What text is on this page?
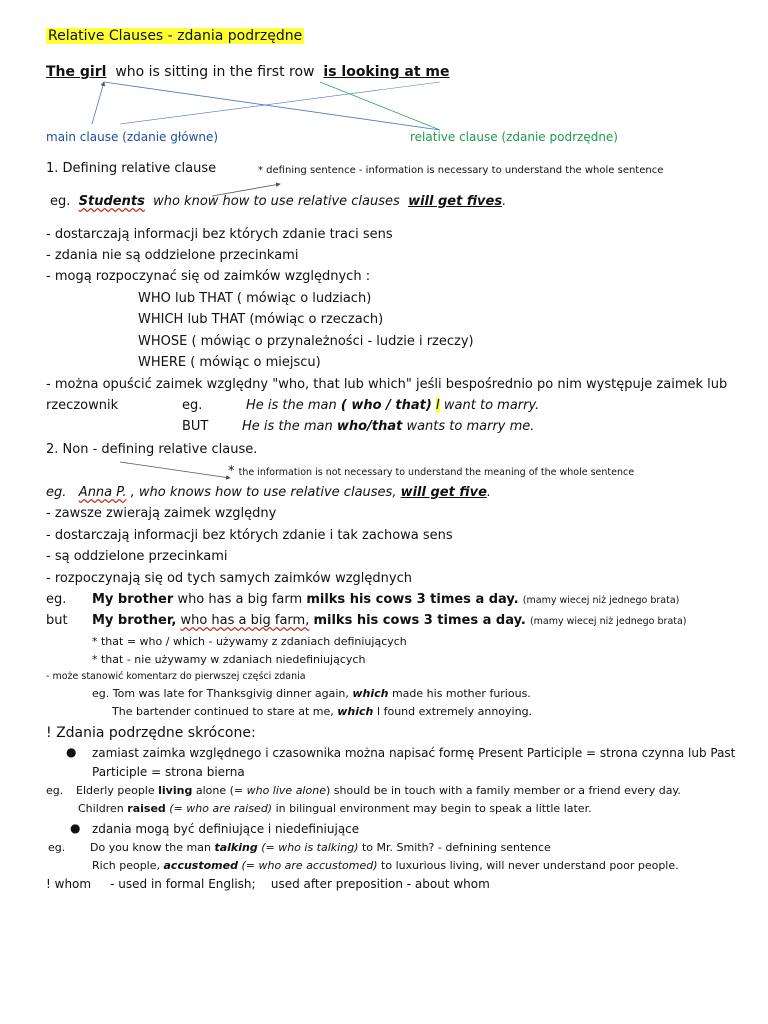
Relative Clauses - zdania podrzędne
The girl who is sitting in the first row is looking at me
main clause (zdanie główne)	relative clause (zdanie podrzędne)
1. Defining relative clause	* defining sentence - information is necessary to understand the whole sentence
eg. Students who know how to use relative clauses will get fives.
- dostarczają informacji bez których zdanie traci sens
- zdania nie są oddzielone przecinkami
- mogą rozpoczynać się od zaimków względnych :
WHO lub THAT ( mówiąc o ludziach)
WHICH lub THAT (mówiąc o rzeczach)
WHOSE ( mówiąc o przynależności - ludzie i rzeczy)
WHERE ( mówiąc o miejscu)
- można opuścić zaimek względny "who, that lub which" jeśli bespośrednio po nim występuje zaimek lub
rzeczownik	eg.	He is the man ( who / that) I want to marry.
BUT	He is the man who/that wants to marry me.
2. Non - defining relative clause.
* the information is not necessary to understand the meaning of the whole sentence
eg. Anna P. , who knows how to use relative clauses, will get five.
- zawsze zwierają zaimek względny
- dostarczają informacji bez których zdanie i tak zachowa sens
- są oddzielone przecinkami
- rozpoczynają się od tych samych zaimków względnych
eg. My brother who has a big farm milks his cows 3 times a day. (mamy wiecej niż jednego brata)
but My brother, who has a big farm, milks his cows 3 times a day. (mamy wiecej niż jednego brata)
* that = who / which - używamy z zdaniach definiujących
* that - nie używamy w zdaniach niedefiniujących
- może stanowić komentarz do pierwszej części zdania
eg. Tom was late for Thanksgivig dinner again, which made his mother furious.
The bartender continued to stare at me, which I found extremely annoying.
! Zdania podrzędne skrócone:
● zamiast zaimka względnego i czasownika można napisać formę Present Participle = strona czynna lub Past
Participle = strona bierna
eg. Elderly people living alone (= who live alone) should be in touch with a family member or a friend every day.
Children raised (= who are raised) in bilingual environment may begin to speak a little later.
● zdania mogą być definiujące i niedefiniujące
eg. Do you know the man talking (= who is talking) to Mr. Smith? - defnining sentence
Rich people, accustomed (= who are accustomed) to luxurious living, will never understand poor people.
! whom - used in formal English; used after preposition - about whom
